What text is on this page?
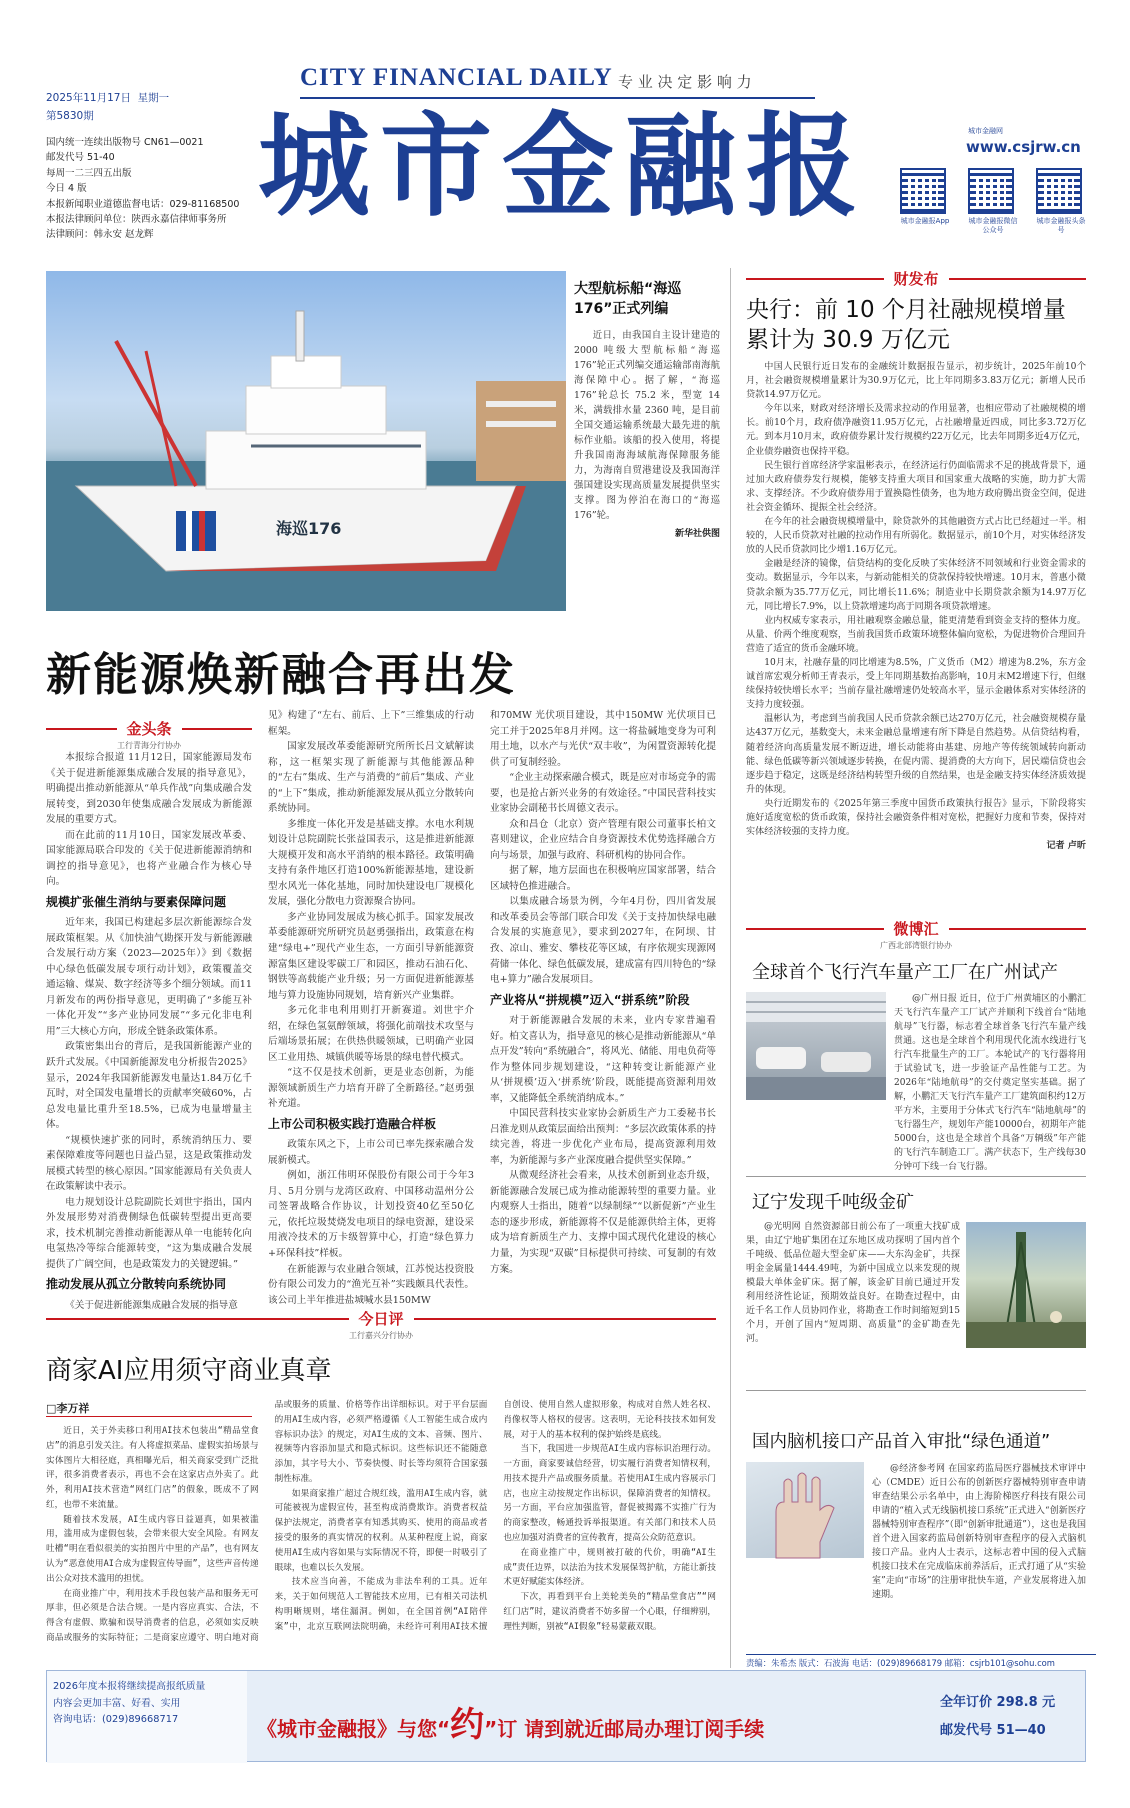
2025年11月17日 星期一
第5830期
CITY FINANCIAL DAILY 专 业 决 定 影 响 力
城市金融报
国内统一连续出版物号 CN61—0021
邮发代号 51-40
每周一二三四五出版
今日 4 版
本报新闻职业道德监督电话：029-81168500
本报法律顾问单位：陕西永嘉信律师事务所
法律顾问：韩永安 赵龙辉
城市金融网
www.csjrw.cn
城市金融报App	城市金融报微信公众号
城市金融报头条号
海巡176
大型航标船“海巡176”正式列编
近日，由我国自主设计建造的 2000 吨级大型航标船“海巡 176”轮正式列编交通运输部南海航海保障中心。据了解，“海巡 176”轮总长 75.2 米，型宽 14 米，满载排水量 2360 吨，是目前全国交通运输系统最大最先进的航标作业船。该船的投入使用，将提升我国南海海域航海保障服务能力，为海南自贸港建设及我国海洋强国建设实现高质量发展提供坚实支撑。图为停泊在海口的“海巡 176”轮。
新华社供图
新能源焕新融合再出发
金头条
工行青海分行协办

本报综合报道 11月12日，国家能源局发布《关于促进新能源集成融合发展的指导意见》，明确提出推动新能源从“单兵作战”向集成融合发展转变，到2030年使集成融合发展成为新能源发展的重要方式。

而在此前的11月10日，国家发展改革委、国家能源局联合印发的《关于促进新能源消纳和调控的指导意见》，也将产业融合作为核心导向。

规模扩张催生消纳与要素保障问题

近年来，我国已构建起多层次新能源综合发展政策框架。从《加快油气勘探开发与新能源融合发展行动方案（2023—2025年）》到《数据中心绿色低碳发展专项行动计划》，政策覆盖交通运输、煤炭、数字经济等多个细分领域。而11月新发布的两份指导意见，更明确了“多能互补一体化开发”“多产业协同发展”“多元化非电利用”三大核心方向，形成全链条政策体系。

政策密集出台的背后，是我国新能源产业的跃升式发展。《中国新能源发电分析报告2025》显示，2024年我国新能源发电量达1.84万亿千瓦时，对全国发电量增长的贡献率突破60%，占总发电量比重升至18.5%，已成为电量增量主体。

“规模快速扩张的同时，系统消纳压力、要素保障难度等问题也日益凸显，这是政策推动发展模式转型的核心原因。”国家能源局有关负责人在政策解读中表示。

电力规划设计总院副院长刘世宇指出，国内外发展形势对消费侧绿色低碳转型提出更高要求，技术机制完善推动新能源从单一电能转化向电氢热冷等综合能源转变，“这为集成融合发展提供了广阔空间，也是政策发力的关键逻辑。”

推动发展从孤立分散转向系统协同

《关于促进新能源集成融合发展的指导意

见》构建了“左右、前后、上下”三维集成的行动框架。

国家发展改革委能源研究所所长吕文斌解读称，这一框架实现了新能源与其他能源品种的“左右”集成、生产与消费的“前后”集成、产业的“上下”集成，推动新能源发展从孤立分散转向系统协同。

多维度一体化开发是基础支撑。水电水利规划设计总院副院长张益国表示，这是推进新能源大规模开发和高水平消纳的根本路径。政策明确支持有条件地区打造100%新能源基地，建设新型水风光一体化基地，同时加快建设电厂规模化发展，强化分散电力资源聚合协同。

多产业协同发展成为核心抓手。国家发展改革委能源研究所研究员赵勇强指出，政策意在构建“绿电+”现代产业生态，一方面引导新能源资源富集区建设零碳工厂和园区，推动石油石化、钢铁等高载能产业升级；另一方面促进新能源基地与算力设施协同规划，培育新兴产业集群。

多元化非电利用则打开新赛道。刘世宇介绍，在绿色氢氨醇领域，将强化前端技术攻坚与后端场景拓展；在供热供暖领域，已明确产业园区工业用热、城镇供暖等场景的绿电替代模式。

“这不仅是技术创新，更是业态创新，为能源领域新质生产力培育开辟了全新路径。”赵勇强补充道。

上市公司积极实践打造融合样板

政策东风之下，上市公司已率先探索融合发展新模式。

例如，浙江伟明环保股份有限公司于今年3月、5月分别与龙湾区政府、中国移动温州分公司签署战略合作协议，计划投资40亿至50亿元，依托垃圾焚烧发电项目的绿电资源，建设采用液冷技术的万卡级智算中心，打造“绿色算力+环保科技”样板。

在新能源与农业融合领域，江苏悦达投资股份有限公司发力的“渔光互补”实践颇具代表性。该公司上半年推进盐城喊水县150MW

和70MW 光伏项目建设，其中150MW 光伏项目已完工并于2025年8月并网。这一将盐碱地变身为可利用土地，以水产与光伏“双丰收”，为闲置资源转化提供了可复制经验。

“企业主动探索融合模式，既是应对市场竞争的需要，也是抢占新兴业务的有效途径。”中国民营科技实业家协会副秘书长周德文表示。

众和昌仓（北京）资产管理有限公司董事长柏文喜则建议，企业应结合自身资源技术优势选择融合方向与场景，加强与政府、科研机构的协同合作。

据了解，地方层面也在积极响应国家部署，结合区域特色推进融合。

以集成融合场景为例，今年4月份，四川省发展和改革委员会等部门联合印发《关于支持加快绿电融合发展的实施意见》，要求到2027年，在阿坝、甘孜、凉山、雅安、攀枝花等区域，有序依规实现源网荷储一体化、绿色低碳发展，建成富有四川特色的“绿电+算力”融合发展项目。

产业将从“拼规模”迈入“拼系统”阶段

对于新能源融合发展的未来，业内专家普遍看好。柏文喜认为，指导意见的核心是推动新能源从“单点开发”转向“系统融合”，将风光、储能、用电负荷等作为整体同步规划建设，“这种转变让新能源产业从‘拼规模’迈入‘拼系统’阶段，既能提高资源利用效率，又能降低全系统消纳成本。”

中国民营科技实业家协会新质生产力工委秘书长吕淮龙则从政策层面给出预判：“多层次政策体系的持续完善，将进一步优化产业布局，提高资源利用效率，为新能源与多产业深度融合提供坚实保障。”

从微观经济社会看来，从技术创新到业态升级，新能源融合发展已成为推动能源转型的重要力量。业内观察人士指出，随着“以绿制绿”“以新促新”产业生态的逐步形成，新能源将不仅是能源供给主体，更将成为培育新质生产力、支撑中国式现代化建设的核心力量，为实现“双碳”目标提供可持续、可复制的有效方案。

今日评
工行嘉兴分行协办
商家AI应用须守商业真章
□李万祥

近日，关于外卖移口利用AI技术包装出“精品堂食店”的消息引发关注。有人将虚拟菜品、虚假实拍场景与实体图片大相径庭，真相曝光后，相关商家受到广泛批评，很多消费者表示，再也不会在这家店点外卖了。此外，利用AI技术营造“网红门店”的假象，既成不了网红，也带不来流量。

随着技术发展，AI生成内容日益逼真，如果被滥用，滥用成为虚假包装，会带来很大安全风险。有网友吐槽“明在看似很美的实拍图片中里的产品”，也有网友认为“恶意使用AI合成为虚假宣传导面”，这些声音传递出公众对技术滥用的担忧。

在商业推广中，利用技术手段包装产品和服务无可厚非，但必须是合法合规。一是内容应真实、合法，不得含有虚假、欺骗和误导消费者的信息，必须如实反映商品或服务的实际特征；二是商家应遵守、明白地对商品或服务的质量、价格等作出详细标识。对于平台层面的用AI生成内容，必须严格遵循《人工智能生成合成内容标识办法》的规定，对AI生成的文本、音频、图片、视频等内容添加显式和隐式标识。这些标识还不能随意添加，其字号大小、节奏快慢、时长等均须符合国家强制性标准。

如果商家推广超过合规红线，滥用AI生成内容，就可能被视为虚假宣传，甚至构成消费欺诈。消费者权益保护法规定，消费者享有知悉其购买、使用的商品或者接受的服务的真实情况的权利。从某种程度上说，商家使用AI生成内容如果与实际情况不符，即便一时吸引了眼球，也难以长久发展。

技术应当向善，不能成为非法牟利的工具。近年来，关于如何规范人工智能技术应用，已有相关司法机构明晰规则，堵住漏洞。例如，在全国首例“AI陪伴案”中，北京互联网法院明确，未经许可利用AI技术擅自创设、使用自然人虚拟形象，构成对自然人姓名权、肖像权等人格权的侵害。这表明，无论科技技术如何发展，对于人的基本权利的保护始终是底线。

当下，我国进一步规范AI生成内容标识治理行动。一方面，商家要诚信经营，切实履行消费者知情权利，用技术提升产品或服务质量。若使用AI生成内容展示门店，也应主动按规定作出标识，保障消费者的知情权。另一方面，平台应加强监管，督促被揭露不实推广行为的商家整改，畅通投诉举报渠道。有关部门和技术人员也应加强对消费者的宣传教育，提高公众防范意识。

在商业推广中，规则被打破的代价，明确“AI生成”责任边界，以法治为技术发展保驾护航，方能让新技术更好赋能实体经济。

下次，再看到平台上美轮美奂的“精品堂食店”“网红门店”时，建议消费者不妨多留一个心眼，仔细辨别，理性判断，别被“AI假象”轻易蒙蔽双眼。

财发布
央行：前 10 个月社融规模增量累计为 30.9 万亿元

中国人民银行近日发布的金融统计数据报告显示，初步统计，2025年前10个月，社会融资规模增量累计为30.9万亿元，比上年同期多3.83万亿元；新增人民币贷款14.97万亿元。

今年以来，财政对经济增长及需求拉动的作用显著，也相应带动了社融规模的增长。前10个月，政府债净融资11.95万亿元，占社融增量近四成，同比多3.72万亿元。到本月10月末，政府债券累计发行规模约22万亿元，比去年同期多近4万亿元，企业债券融资也保持平稳。

民生银行首席经济学家温彬表示，在经济运行仍面临需求不足的挑战背景下，通过加大政府债券发行规模，能够支持重大项目和国家重大战略的实施，助力扩大需求、支撑经济。不少政府债券用于置换隐性债务，也为地方政府腾出资金空间，促进社会资金循环、提振全社会经济。

在今年的社会融资规模增量中，除贷款外的其他融资方式占比已经超过一半。相较的，人民币贷款对社融的拉动作用有所弱化。数据显示，前10个月，对实体经济发放的人民币贷款同比少增1.16万亿元。

金融是经济的镜像，信贷结构的变化反映了实体经济不同领域和行业资金需求的变动。数据显示，今年以来，与新动能相关的贷款保持较快增速。10月末，普惠小微贷款余额为35.77万亿元，同比增长11.6%；制造业中长期贷款余额为14.97万亿元，同比增长7.9%，以上贷款增速均高于同期各项贷款增速。

业内权威专家表示，用社融观察金融总量，能更清楚看到资金支持的整体力度。从量、价两个维度观察，当前我国货币政策环境整体偏向宽松，为促进物价合理回升营造了适宜的货币金融环境。

10月末，社融存量的同比增速为8.5%，广义货币（M2）增速为8.2%，东方金诚首席宏观分析师王青表示，受上年同期基数抬高影响，10月末M2增速下行，但继续保持较快增长水平；当前存量社融增速仍处较高水平，显示金融体系对实体经济的支持力度较强。

温彬认为，考虑到当前我国人民币贷款余额已达270万亿元，社会融资规模存量达437万亿元，基数变大，未来金融总量增速有所下降是自然趋势。从信贷结构看，随着经济向高质量发展不断迈进，增长动能将由基建、房地产等传统领域转向新动能、绿色低碳等新兴领域逐步转换，在促内需、提消费的大方向下，居民端信贷也会逐步趋于稳定，这既是经济结构转型升级的自然结果，也是金融支持实体经济质效提升的体现。

央行近期发布的《2025年第三季度中国货币政策执行报告》显示，下阶段将实施好适度宽松的货币政策，保持社会融资条件相对宽松，把握好力度和节奏，保持对实体经济较强的支持力度。

记者 卢昕
微博汇
广西北部湾银行协办
全球首个飞行汽车量产工厂在广州试产
@广州日报 近日，位于广州黄埔区的小鹏汇天飞行汽车量产工厂试产并顺利下线首台“陆地航母”飞行器，标志着全球首条飞行汽车量产线贯通。这也是全球首个利用现代化流水线进行飞行汽车批量生产的工厂。本轮试产的飞行器将用于试验试飞，进一步验证产品性能与工艺。为2026年“陆地航母”的交付奠定坚实基础。据了解，小鹏汇天飞行汽车量产工厂建筑面积约12万平方米，主要用于分体式飞行汽车“陆地航母”的飞行器生产，规划年产能10000台，初期年产能5000台，这也是全球首个具备“万辆级”年产能的飞行汽车制造工厂。满产状态下，生产线每30分钟可下线一台飞行器。
辽宁发现千吨级金矿
@光明网 自然资源部日前公布了一项重大找矿成果，由辽宁地矿集团在辽东地区成功探明了国内首个千吨级、低品位超大型金矿床——大东沟金矿，共探明金金属量1444.49吨，为新中国成立以来发现的规模最大单体金矿床。据了解，该金矿目前已通过开发利用经济性论证，预期效益良好。在勘查过程中，由近千名工作人员协同作业，将勘查工作时间缩短到15个月，开创了国内“短周期、高质量”的金矿勘查先河。
国内脑机接口产品首入审批“绿色通道”
@经济参考网 在国家药监局医疗器械技术审评中心（CMDE）近日公布的创新医疗器械特别审查申请审查结果公示名单中，由上海阶梯医疗科技有限公司申请的“植入式无线脑机接口系统”正式进入“创新医疗器械特别审查程序”（即“创新审批通道”），这也是我国首个进入国家药监局创新特别审查程序的侵入式脑机接口产品。业内人士表示，这标志着中国的侵入式脑机接口技术在完成临床前养活后，正式打通了从“实验室”走向“市场”的注册审批快车道，产业发展将进入加速期。
责编：朱希杰 版式：石波海 电话：(029)89668179 邮箱：csjrb101@sohu.com
2026年度本报将继续提高报纸质量
内容会更加丰富、好看、实用
咨询电话：(029)89668717	《城市金融报》与您“约”订 请到就近邮局办理订阅手续
全年订价 298.8 元
邮发代号 51—40
